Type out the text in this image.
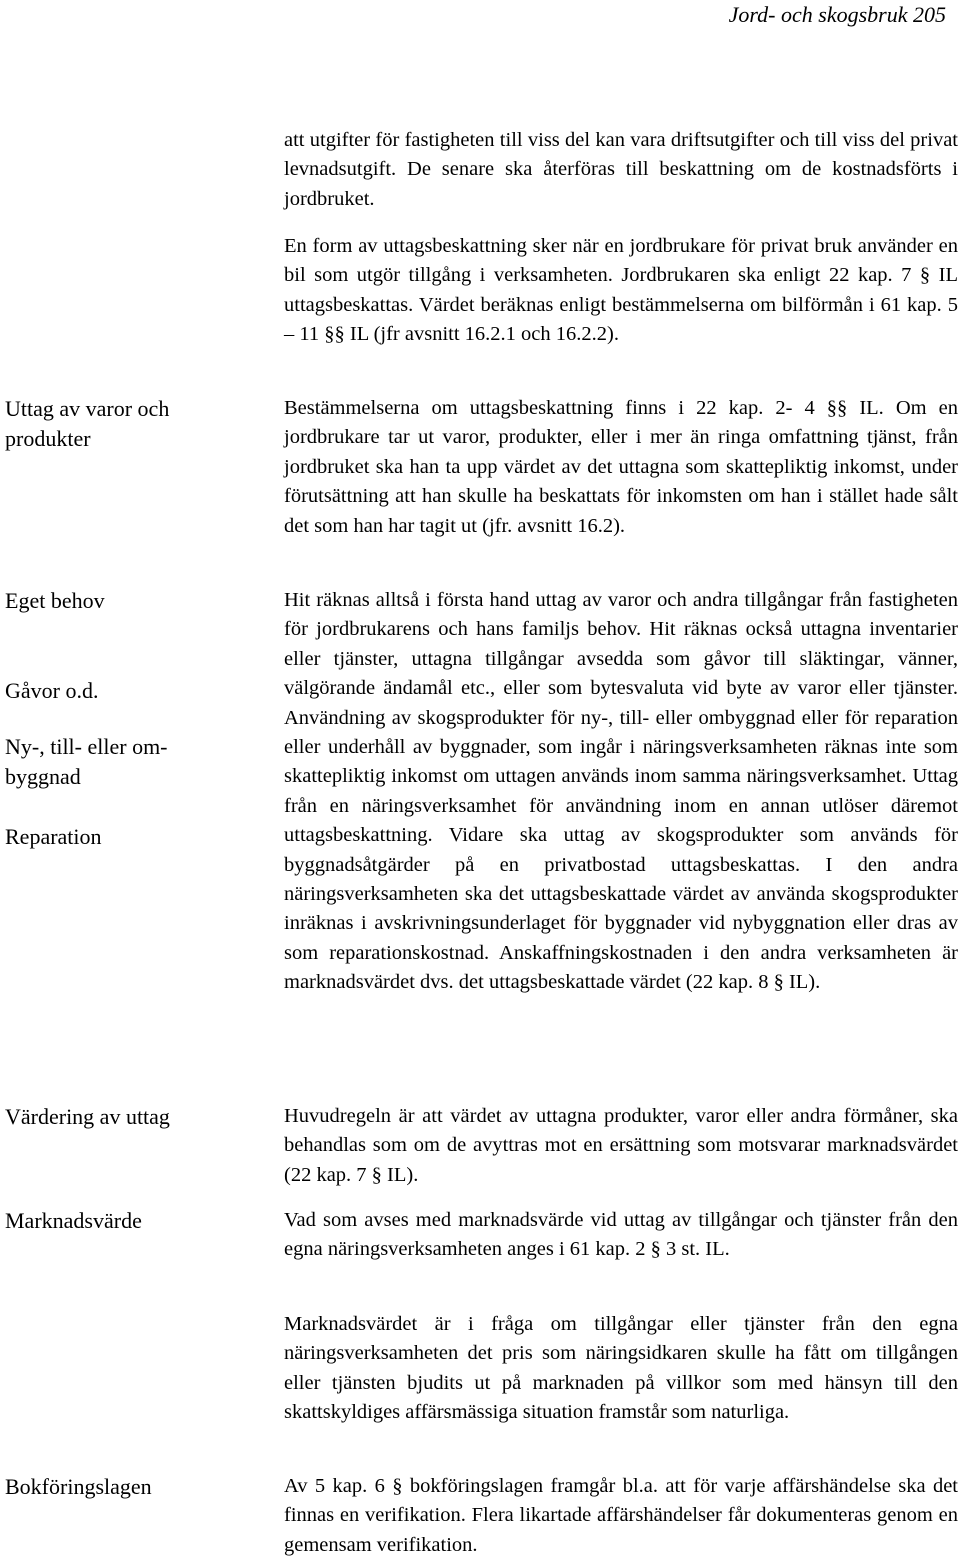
Jord- och skogsbruk 205
Uttag av varor och produkter
Eget behov
Gåvor o.d.
Ny-, till- eller om-byggnad
Reparation
Värdering av uttag
Marknadsvärde
Bokföringslagen
att utgifter för fastigheten till viss del kan vara driftsutgifter och till viss del privat levnadsutgift. De senare ska återföras till beskattning om de kostnadsförts i jordbruket.
En form av uttagsbeskattning sker när en jordbrukare för privat bruk använder en bil som utgör tillgång i verksamheten. Jordbrukaren ska enligt 22 kap. 7 § IL uttagsbeskattas. Värdet beräknas enligt bestämmelserna om bilförmån i 61 kap. 5 – 11 §§ IL (jfr avsnitt 16.2.1 och 16.2.2).
Bestämmelserna om uttagsbeskattning finns i 22 kap. 2- 4 §§ IL. Om en jordbrukare tar ut varor, produkter, eller i mer än ringa omfattning tjänst, från jordbruket ska han ta upp värdet av det uttagna som skattepliktig inkomst, under förutsättning att han skulle ha beskattats för inkomsten om han i stället hade sålt det som han har tagit ut (jfr. avsnitt 16.2).
Hit räknas alltså i första hand uttag av varor och andra tillgångar från fastigheten för jordbrukarens och hans familjs behov. Hit räknas också uttagna inventarier eller tjänster, uttagna tillgångar avsedda som gåvor till släktingar, vänner, välgörande ändamål etc., eller som bytesvaluta vid byte av varor eller tjänster. Användning av skogsprodukter för ny-, till- eller ombyggnad eller för reparation eller underhåll av byggnader, som ingår i näringsverksamheten räknas inte som skattepliktig inkomst om uttagen används inom samma näringsverksamhet. Uttag från en näringsverksamhet för användning inom en annan utlöser däremot uttagsbeskattning. Vidare ska uttag av skogsprodukter som används för byggnadsåtgärder på en privatbostad uttagsbeskattas. I den andra näringsverksamheten ska det uttagsbeskattade värdet av använda skogsprodukter inräknas i avskrivningsunderlaget för byggnader vid nybyggnation eller dras av som reparationskostnad. Anskaffningskostnaden i den andra verksamheten är marknadsvärdet dvs. det uttagsbeskattade värdet (22 kap. 8 § IL).
Huvudregeln är att värdet av uttagna produkter, varor eller andra förmåner, ska behandlas som om de avyttras mot en ersättning som motsvarar marknadsvärdet (22 kap. 7 § IL).
Vad som avses med marknadsvärde vid uttag av tillgångar och tjänster från den egna näringsverksamheten anges i 61 kap. 2 § 3 st. IL.
Marknadsvärdet är i fråga om tillgångar eller tjänster från den egna näringsverksamheten det pris som näringsidkaren skulle ha fått om tillgången eller tjänsten bjudits ut på marknaden på villkor som med hänsyn till den skattskyldiges affärsmässiga situation framstår som naturliga.
Av 5 kap. 6 § bokföringslagen framgår bl.a. att för varje affärshändelse ska det finnas en verifikation. Flera likartade affärshändelser får dokumenteras genom en gemensam verifikation.
